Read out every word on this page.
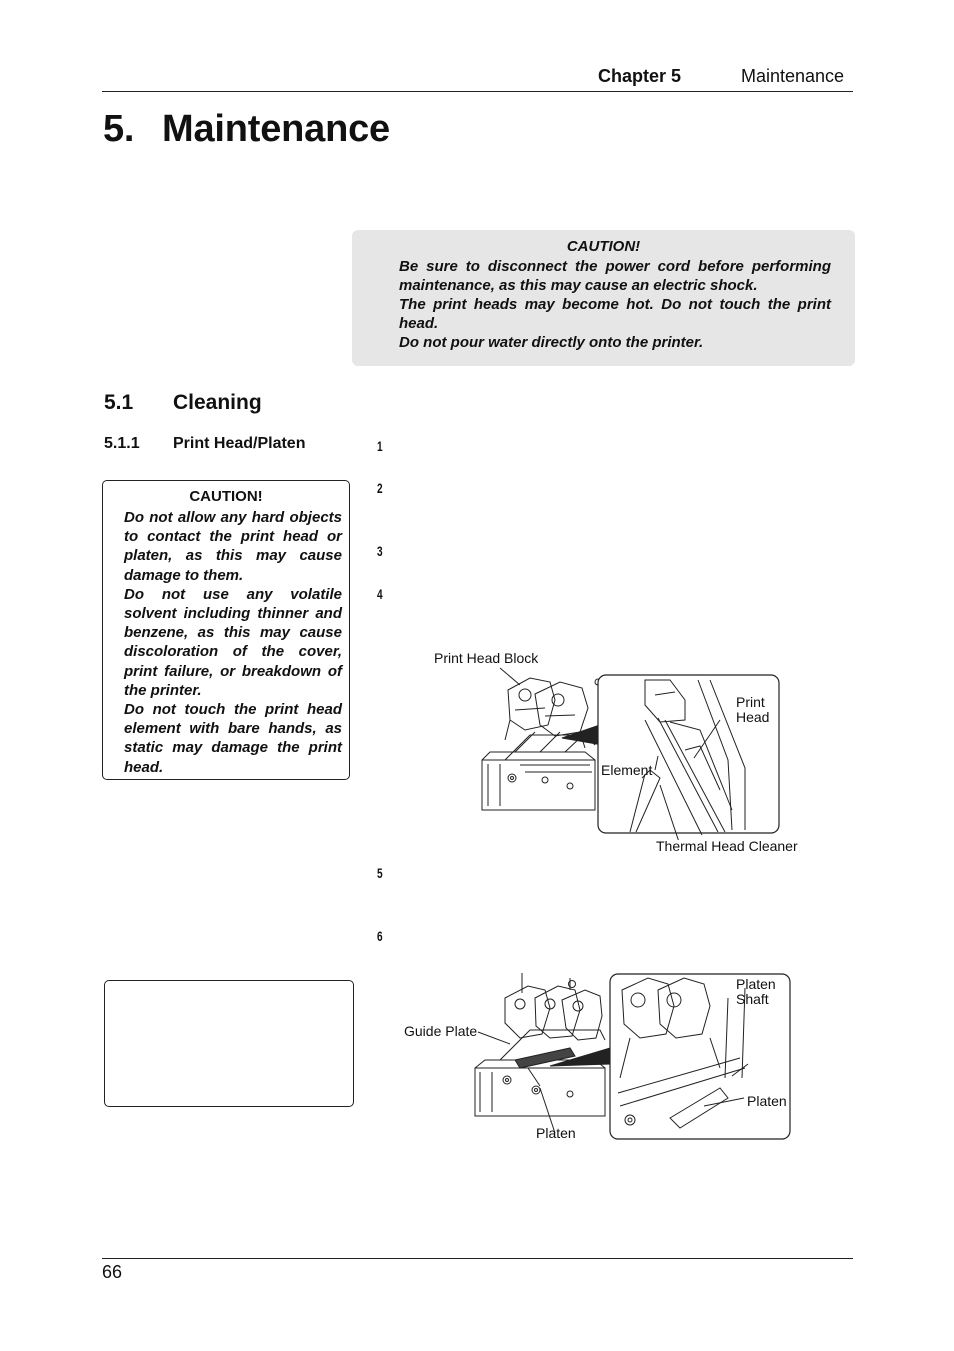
Chapter 5	Maintenance
5. Maintenance
CAUTION!
Be sure to disconnect the power cord before performing maintenance, as this may cause an electric shock.
The print heads may become hot. Do not touch the print head.
Do not pour water directly onto the printer.
5.1 Cleaning
5.1.1 Print Head/Platen
CAUTION!
Do not allow any hard objects to contact the print head or platen, as this may cause damage to them.
Do not use any volatile solvent including thinner and benzene, as this may cause discoloration of the cover, print failure, or breakdown of the printer.
Do not touch the print head element with bare hands, as static may damage the print head.
1
2
3
4
5
6
Print Head Block
Print
Head
Element
Thermal Head Cleaner
Platen
Shaft
Guide Plate
Platen
Platen
66
